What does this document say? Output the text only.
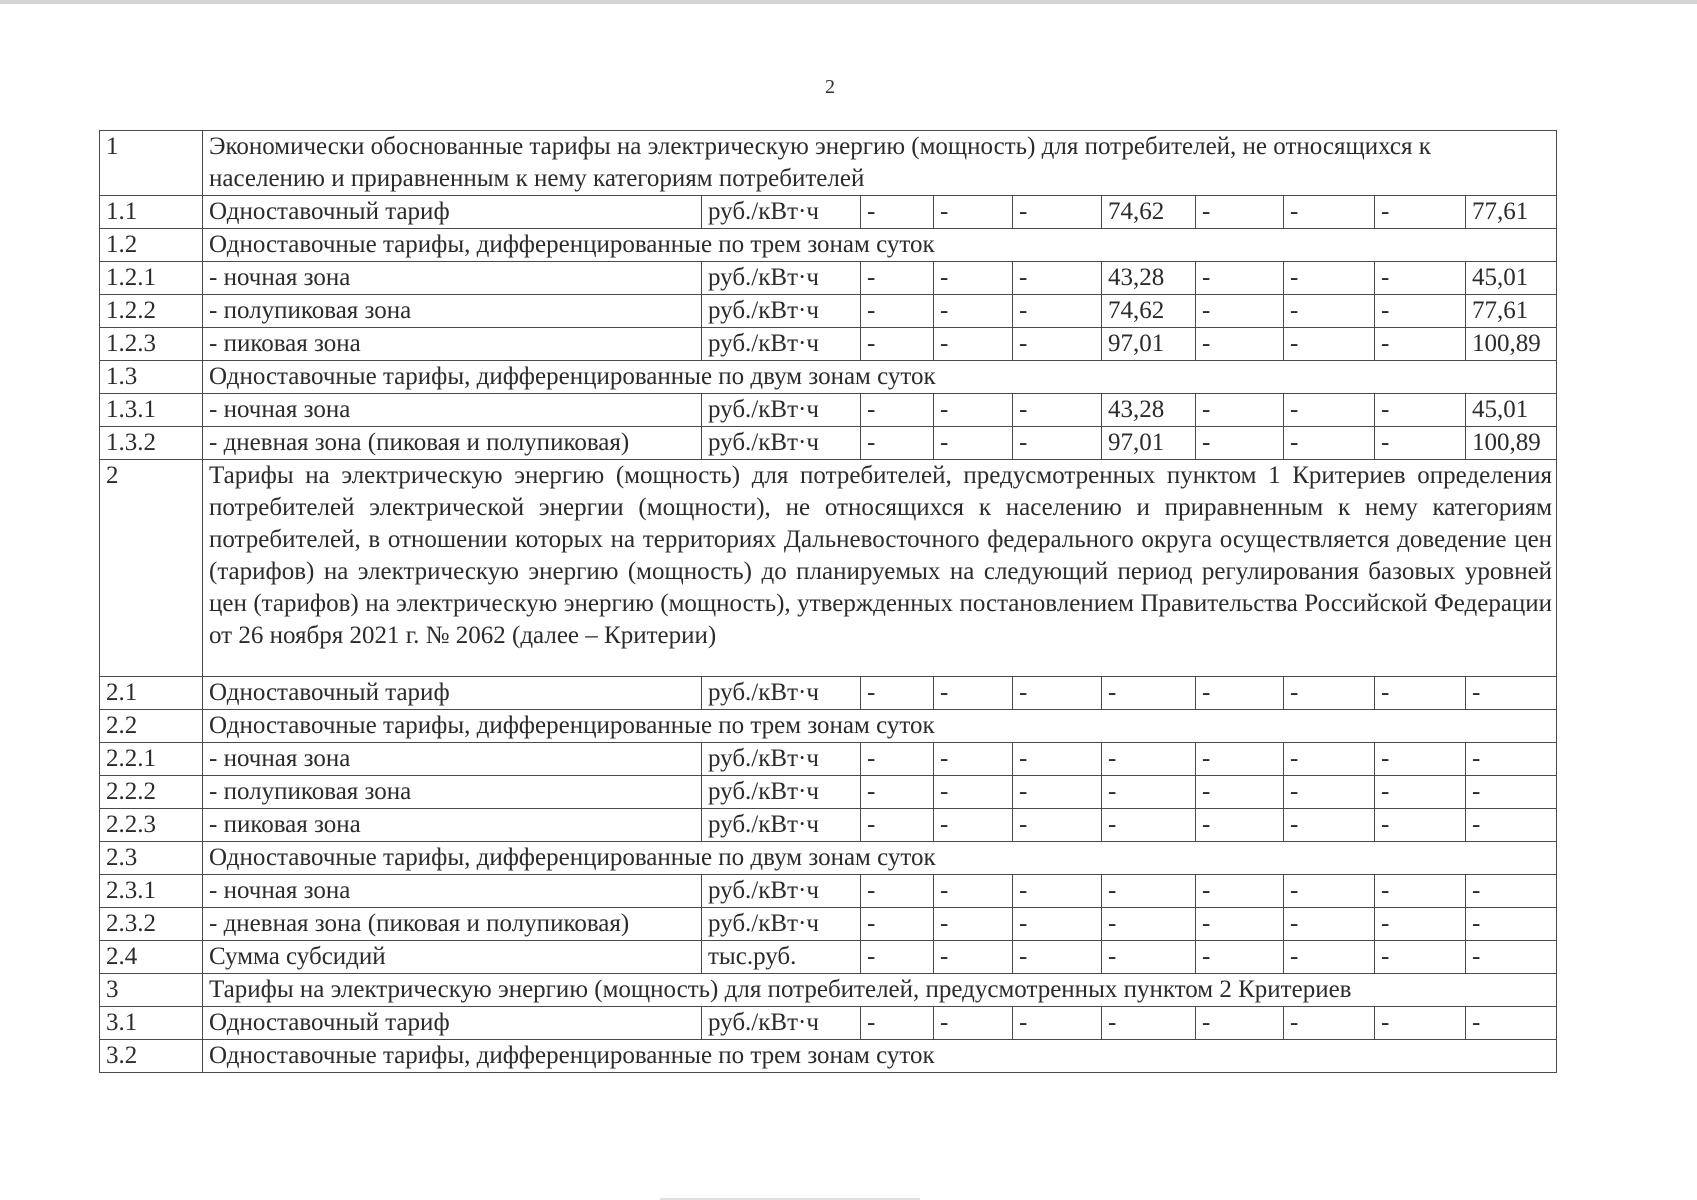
2
1	Экономически обоснованные тарифы на электрическую энергию (мощность) для потребителей, не относящихся к населению и приравненным к нему категориям потребителей									
1.1	Одноставочный тариф	руб./кВт·ч	-	-	-	74,62	-	-	-	77,61
1.2	Одноставочные тарифы, дифференцированные по трем зонам суток									
1.2.1	- ночная зона	руб./кВт·ч	-	-	-	43,28	-	-	-	45,01
1.2.2	- полупиковая зона	руб./кВт·ч	-	-	-	74,62	-	-	-	77,61
1.2.3	- пиковая зона	руб./кВт·ч	-	-	-	97,01	-	-	-	100,89
1.3	Одноставочные тарифы, дифференцированные по двум зонам суток									
1.3.1	- ночная зона	руб./кВт·ч	-	-	-	43,28	-	-	-	45,01
1.3.2	- дневная зона (пиковая и полупиковая)	руб./кВт·ч	-	-	-	97,01	-	-	-	100,89
2	Тарифы на электрическую энергию (мощность) для потребителей, предусмотренных пунктом 1 Критериев определения потребителей электрической энергии (мощности), не относящихся к населению и приравненным к нему категориям потребителей, в отношении которых на территориях Дальневосточного федерального округа осуществляется доведение цен (тарифов) на электрическую энергию (мощность) до планируемых на следующий период регулирования базовых уровней цен (тарифов) на электрическую энергию (мощность), утвержденных постановлением Правительства Российской Федерации от 26 ноября 2021 г. № 2062 (далее – Критерии)									
2.1	Одноставочный тариф	руб./кВт·ч	-	-	-	-	-	-	-	-
2.2	Одноставочные тарифы, дифференцированные по трем зонам суток									
2.2.1	- ночная зона	руб./кВт·ч	-	-	-	-	-	-	-	-
2.2.2	- полупиковая зона	руб./кВт·ч	-	-	-	-	-	-	-	-
2.2.3	- пиковая зона	руб./кВт·ч	-	-	-	-	-	-	-	-
2.3	Одноставочные тарифы, дифференцированные по двум зонам суток									
2.3.1	- ночная зона	руб./кВт·ч	-	-	-	-	-	-	-	-
2.3.2	- дневная зона (пиковая и полупиковая)	руб./кВт·ч	-	-	-	-	-	-	-	-
2.4	Сумма субсидий	тыс.руб.	-	-	-	-	-	-	-	-
3	Тарифы на электрическую энергию (мощность) для потребителей, предусмотренных пунктом 2 Критериев									
3.1	Одноставочный тариф	руб./кВт·ч	-	-	-	-	-	-	-	-
3.2	Одноставочные тарифы, дифференцированные по трем зонам суток									
